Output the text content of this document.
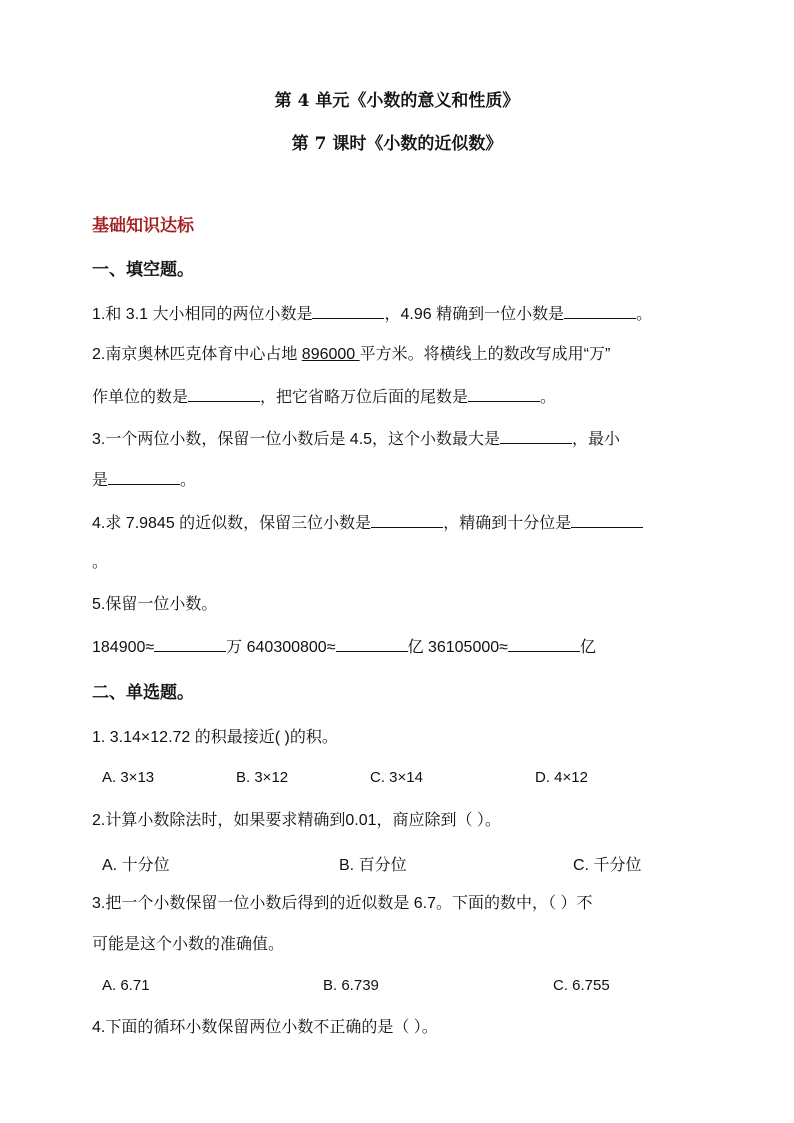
第 4 单元《小数的意义和性质》
第 7 课时《小数的近似数》
基础知识达标
一、填空题。
1.和 3.1 大小相同的两位小数是	，4.96 精确到一位小数是	。
2.南京奥林匹克体育中心占地 896000 平方米。将横线上的数改写成用“万”
作单位的数是	，把它省略万位后面的尾数是	。
3.一个两位小数，保留一位小数后是 4.5，这个小数最大是	，最小
是	。
4.求 7.9845 的近似数，保留三位小数是	，精确到十分位是
。
5.保留一位小数。
184900≈	万 640300800≈	亿 36105000≈	亿
二、单选题。
1. 3.14×12.72 的积最接近( )的积。
A. 3×13	B. 3×12	C. 3×14	D. 4×12
2.计算小数除法时，如果要求精确到0.01，商应除到（ ）。
A. 十分位	B. 百分位	C. 千分位
3.把一个小数保留一位小数后得到的近似数是 6.7。下面的数中，（ ）不
可能是这个小数的准确值。
A. 6.71	B. 6.739	C. 6.755
4.下面的循环小数保留两位小数不正确的是（ ）。
